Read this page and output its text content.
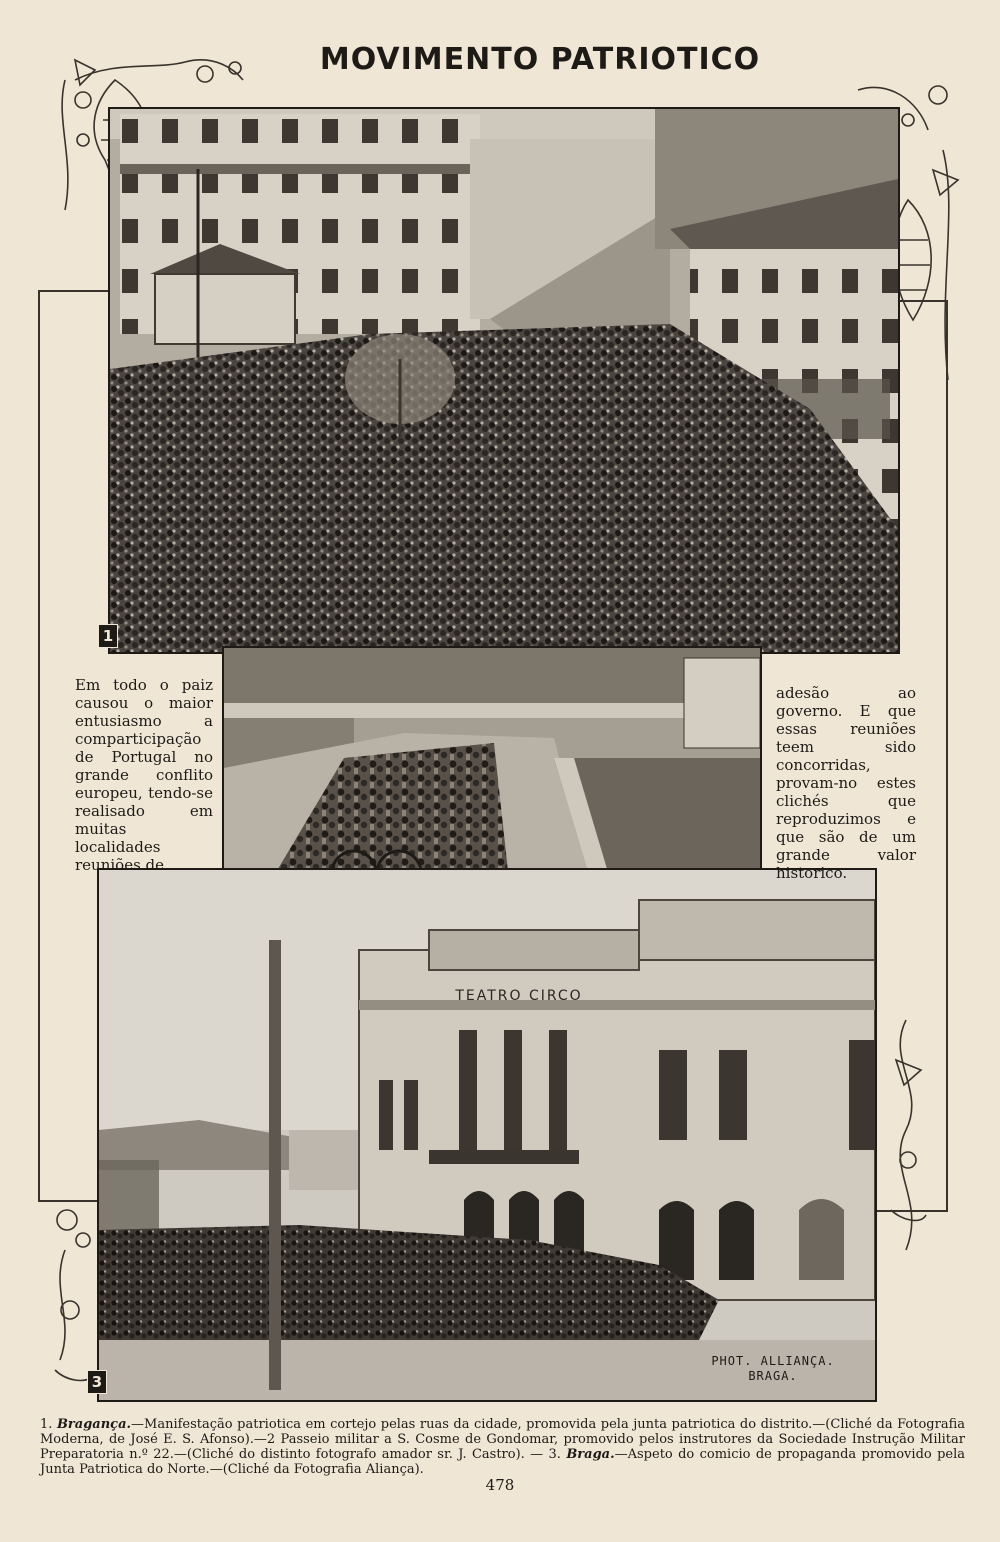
MOVIMENTO PATRIOTICO
1
TEATRO CIRCO
3
PHOT. ALLIANÇA.
BRAGA.

Em todo o paiz causou o maior entusiasmo a comparticipação de Portugal no grande conflito europeu, tendo-se realisado em muitas localidades reuniões de

adesão ao governo. E que essas reuniões teem sido concorridas, provam-no estes clichés que reproduzimos e que são de um grande valor historico.

1. Bragança.—Manifestação patriotica em cortejo pelas ruas da cidade, promovida pela junta patriotica do distrito.—(Cliché da Fotografia Moderna, de José E. S. Afonso).—2 Passeio militar a S. Cosme de Gondomar, promovido pelos instrutores da Sociedade Instrução Militar Preparatoria n.º 22.—(Cliché do distinto fotografo amador sr. J. Castro). — 3. Braga.—Aspeto do comicio de propaganda promovido pela Junta Patriotica do Norte.—(Cliché da Fotografia Aliança).

478
